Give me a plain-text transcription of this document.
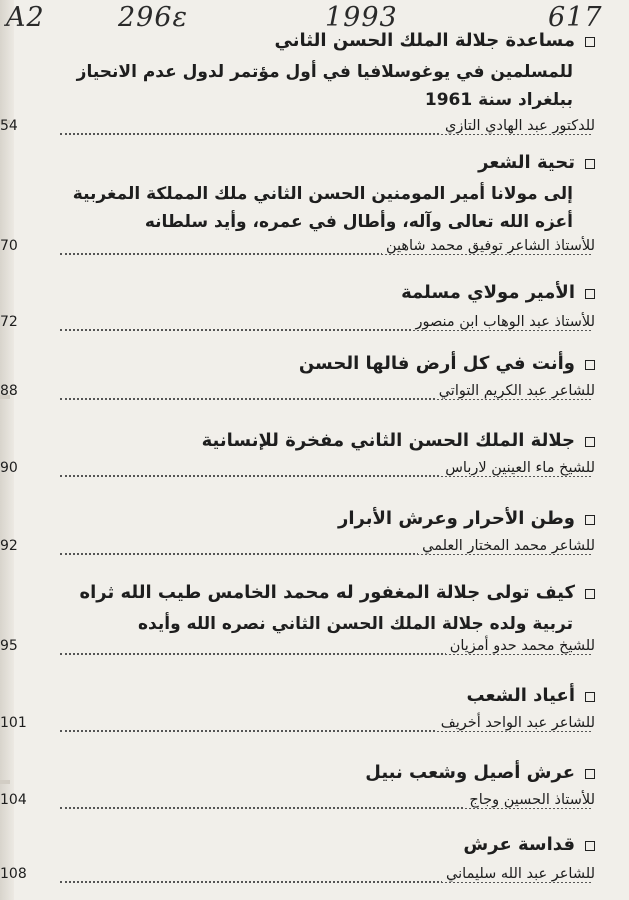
A2	296ε	1993	617
مساعدة جلالة الملك الحسن الثاني
للمسلمين في يوغوسلافيا في أول مؤتمر لدول عدم الانحياز
ببلغراد سنة 1961
54	للدكتور عبد الهادي التازي
تحية الشعر
إلى مولانا أمير المومنين الحسن الثاني ملك المملكة المغربية
أعزه الله تعالى وآله، وأطال في عمره، وأيد سلطانه
70	للأستاذ الشاعر توفيق محمد شاهين
الأمير مولاي مسلمة
72	للأستاذ عبد الوهاب ابن منصور
وأنت في كل أرض فالها الحسن
88	للشاعر عبد الكريم التواتي
جلالة الملك الحسن الثاني مفخرة للإنسانية
90	للشيخ ماء العينين لارباس
وطن الأحرار وعرش الأبرار
92	للشاعر محمد المختار العلمي
كيف تولى جلالة المغفور له محمد الخامس طيب الله ثراه
تربية ولده جلالة الملك الحسن الثاني نصره الله وأيده
95	للشيخ محمد حدو أمزيان
أعياد الشعب
101	للشاعر عبد الواحد أخريف
عرش أصيل وشعب نبيل
104	للأستاذ الحسين وجاج
قداسة عرش
108	للشاعر عبد الله سليماني
